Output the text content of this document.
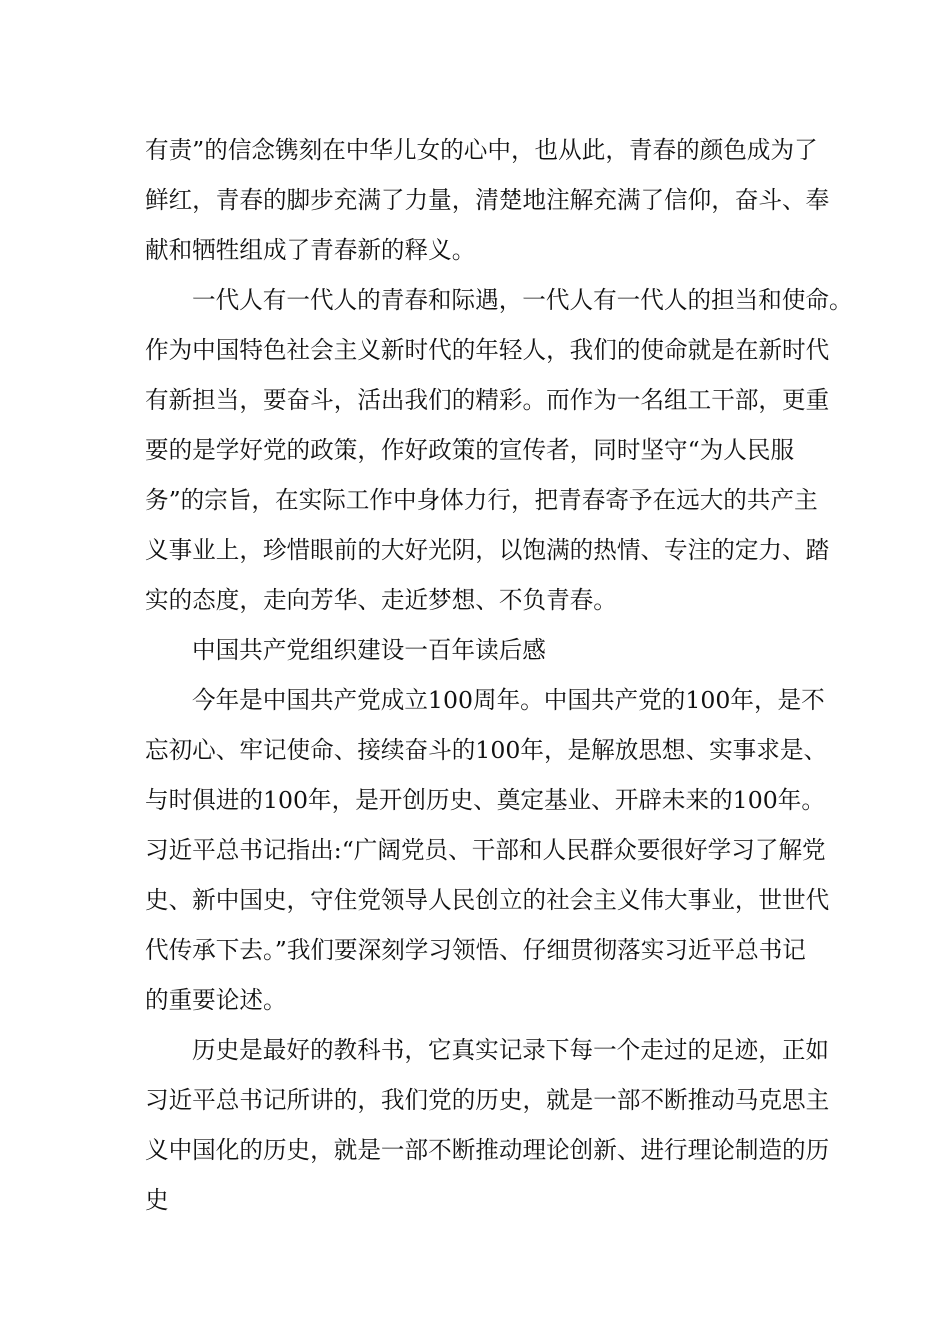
有责”的信念镌刻在中华儿女的心中，也从此，青春的颜色成为了
鲜红，青春的脚步充满了力量，清楚地注解充满了信仰，奋斗、奉
献和牺牲组成了青春新的释义。
一代人有一代人的青春和际遇，一代人有一代人的担当和使命。
作为中国特色社会主义新时代的年轻人，我们的使命就是在新时代
有新担当，要奋斗，活出我们的精彩。而作为一名组工干部，更重
要的是学好党的政策，作好政策的宣传者，同时坚守“为人民服
务”的宗旨，在实际工作中身体力行，把青春寄予在远大的共产主
义事业上，珍惜眼前的大好光阴，以饱满的热情、专注的定力、踏
实的态度，走向芳华、走近梦想、不负青春。
中国共产党组织建设一百年读后感
今年是中国共产党成立100周年。中国共产党的100年，是不
忘初心、牢记使命、接续奋斗的100年，是解放思想、实事求是、
与时俱进的100年，是开创历史、奠定基业、开辟未来的100年。
习近平总书记指出:“广阔党员、干部和人民群众要很好学习了解党
史、新中国史，守住党领导人民创立的社会主义伟大事业，世世代
代传承下去。”我们要深刻学习领悟、仔细贯彻落实习近平总书记
的重要论述。
历史是最好的教科书，它真实记录下每一个走过的足迹，正如
习近平总书记所讲的，我们党的历史，就是一部不断推动马克思主
义中国化的历史，就是一部不断推动理论创新、进行理论制造的历
史
